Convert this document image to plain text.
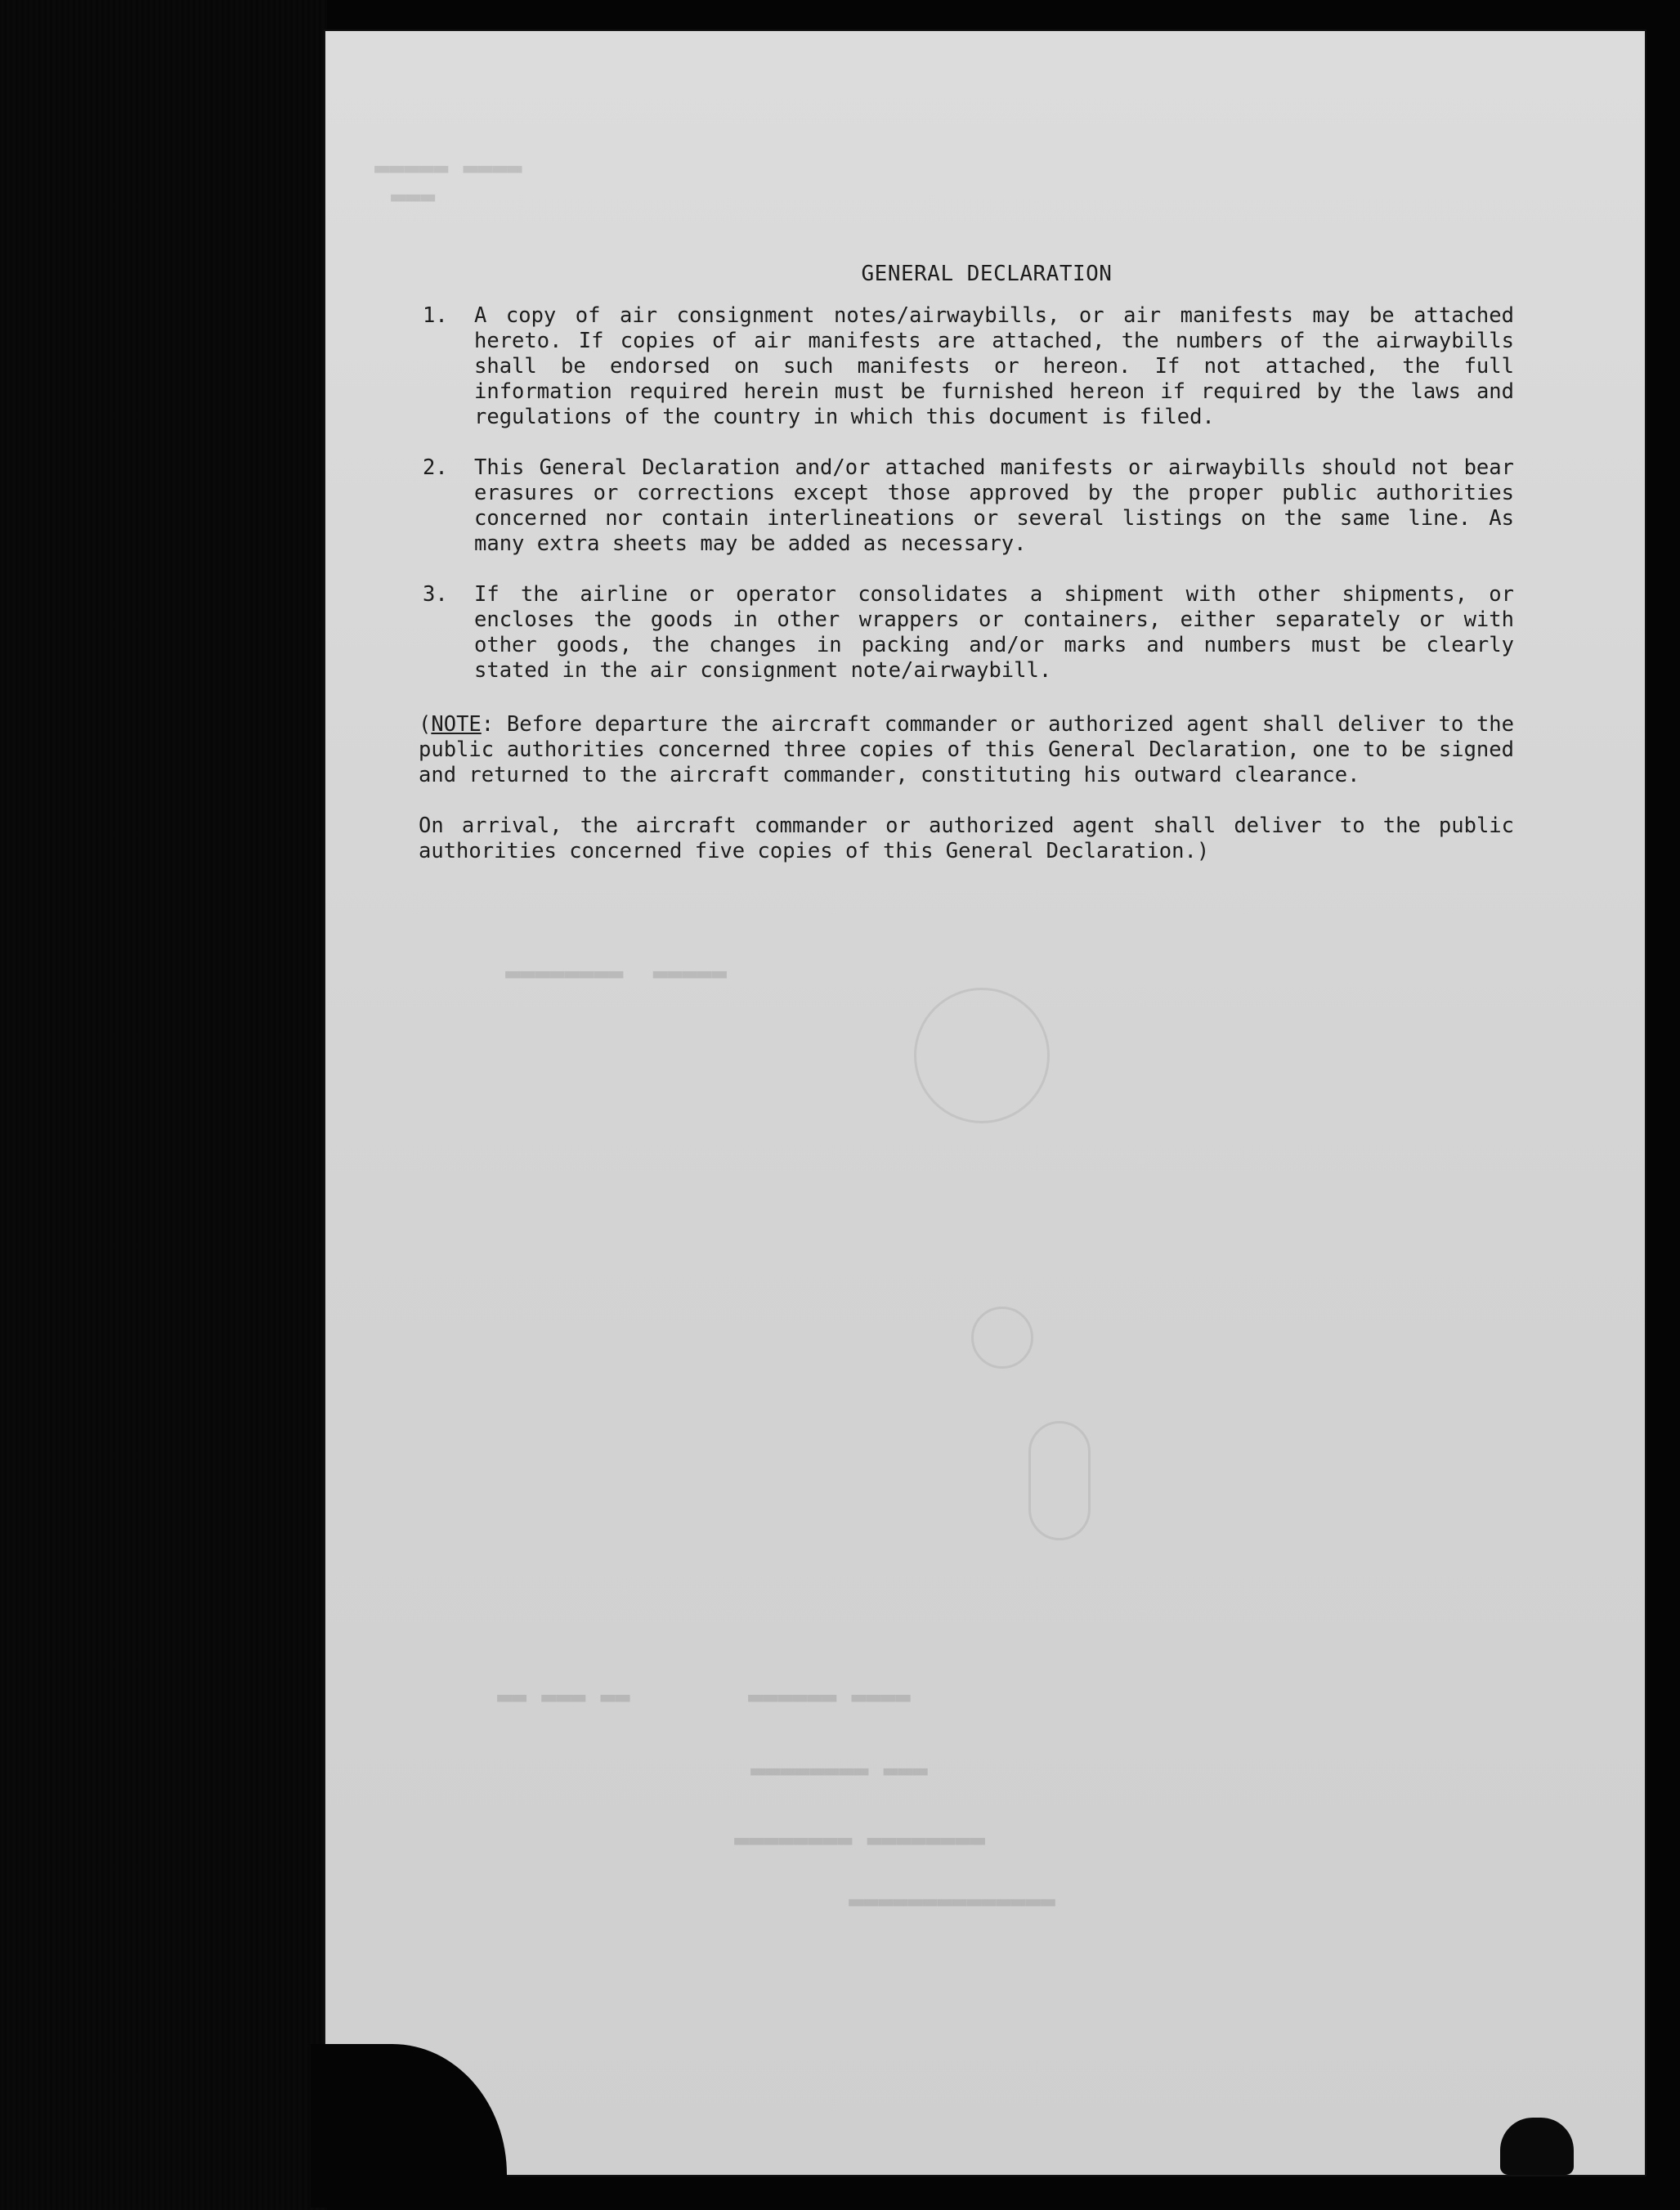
▬▬▬▬ ▬▬▬▬▬
▬▬▬
▬▬▬▬▬  ▬▬▬▬▬▬▬▬
▬▬▬▬ ▬▬▬▬▬▬        ▬▬ ▬▬▬ ▬▬
▬▬▬ ▬▬▬▬▬▬▬▬
▬▬▬▬▬▬▬▬ ▬▬▬▬▬▬▬▬
▬▬▬▬▬▬▬▬▬▬▬▬▬▬
GENERAL DECLARATION
1. A copy of air consignment notes/airwaybills, or air manifests may be attached hereto. If copies of air manifests are attached, the numbers of the airwaybills shall be endorsed on such manifests or hereon. If not attached, the full information required herein must be furnished hereon if required by the laws and regulations of the country in which this document is filed.
2. This General Declaration and/or attached manifests or airwaybills should not bear erasures or corrections except those approved by the proper public authorities concerned nor contain interlineations or several listings on the same line. As many extra sheets may be added as necessary.
3. If the airline or operator consolidates a shipment with other shipments, or encloses the goods in other wrappers or containers, either separately or with other goods, the changes in packing and/or marks and numbers must be clearly stated in the air consignment note/airwaybill.
(NOTE: Before departure the aircraft commander or authorized agent shall deliver to the public authorities concerned three copies of this General Declaration, one to be signed and returned to the aircraft commander, constituting his outward clearance.
On arrival, the aircraft commander or authorized agent shall deliver to the public authorities concerned five copies of this General Declaration.)
